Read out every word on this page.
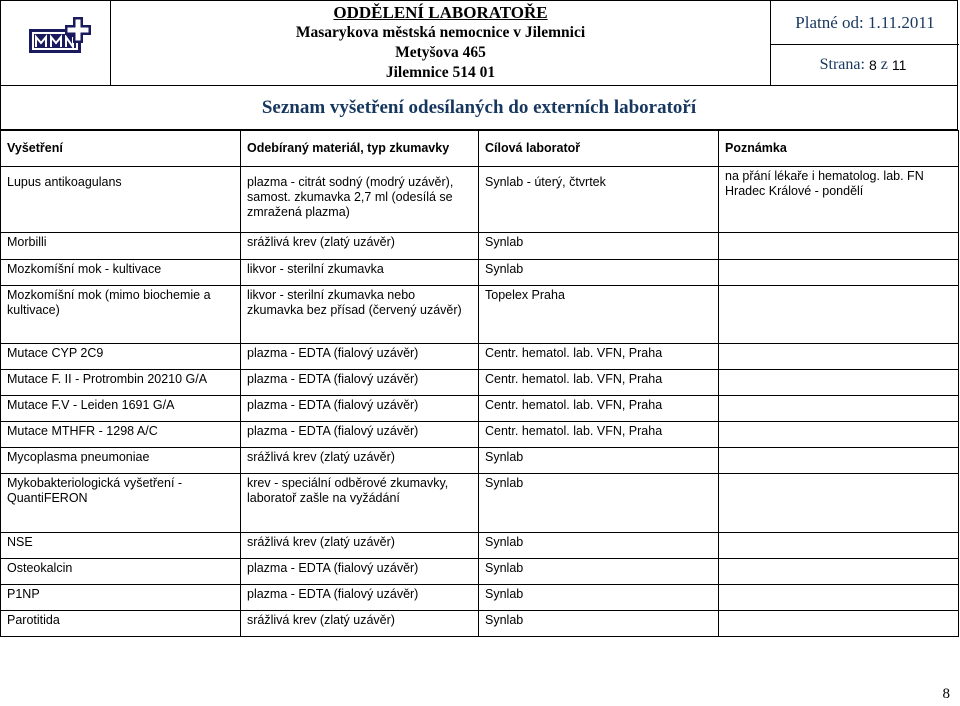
ODDĚLENÍ LABORATOŘE
Masarykova městská nemocnice v Jilemnici
Metyšova 465
Jilemnice 514 01
Platné od: 1.11.2011
Strana: 8 z 11
Seznam vyšetření odesílaných do externích laboratoří
Vyšetření	Odebíraný materiál, typ zkumavky	Cílová laboratoř	Poznámka
Lupus antikoagulans	plazma - citrát sodný (modrý uzávěr), samost. zkumavka 2,7 ml (odesílá se zmražená plazma)	Synlab - úterý, čtvrtek	na přání lékaře i hematolog. lab. FN Hradec Králové - pondělí
Morbilli	srážlivá krev (zlatý uzávěr)	Synlab	
Mozkomíšní mok - kultivace	likvor - sterilní zkumavka	Synlab	
Mozkomíšní mok (mimo biochemie a kultivace)	likvor - sterilní zkumavka nebo zkumavka bez přísad (červený uzávěr)	Topelex Praha	
Mutace CYP 2C9	plazma - EDTA (fialový uzávěr)	Centr. hematol. lab. VFN, Praha	
Mutace F. II - Protrombin 20210 G/A	plazma - EDTA (fialový uzávěr)	Centr. hematol. lab. VFN, Praha	
Mutace F.V - Leiden 1691 G/A	plazma - EDTA (fialový uzávěr)	Centr. hematol. lab. VFN, Praha	
Mutace MTHFR - 1298 A/C	plazma - EDTA (fialový uzávěr)	Centr. hematol. lab. VFN, Praha	
Mycoplasma pneumoniae	srážlivá krev (zlatý uzávěr)	Synlab	
Mykobakteriologická vyšetření - QuantiFERON	krev - speciální odběrové zkumavky, laboratoř zašle na vyžádání	Synlab	
NSE	srážlivá krev (zlatý uzávěr)	Synlab	
Osteokalcin	plazma - EDTA (fialový uzávěr)	Synlab	
P1NP	plazma - EDTA (fialový uzávěr)	Synlab	
Parotitida	srážlivá krev (zlatý uzávěr)	Synlab	
8
